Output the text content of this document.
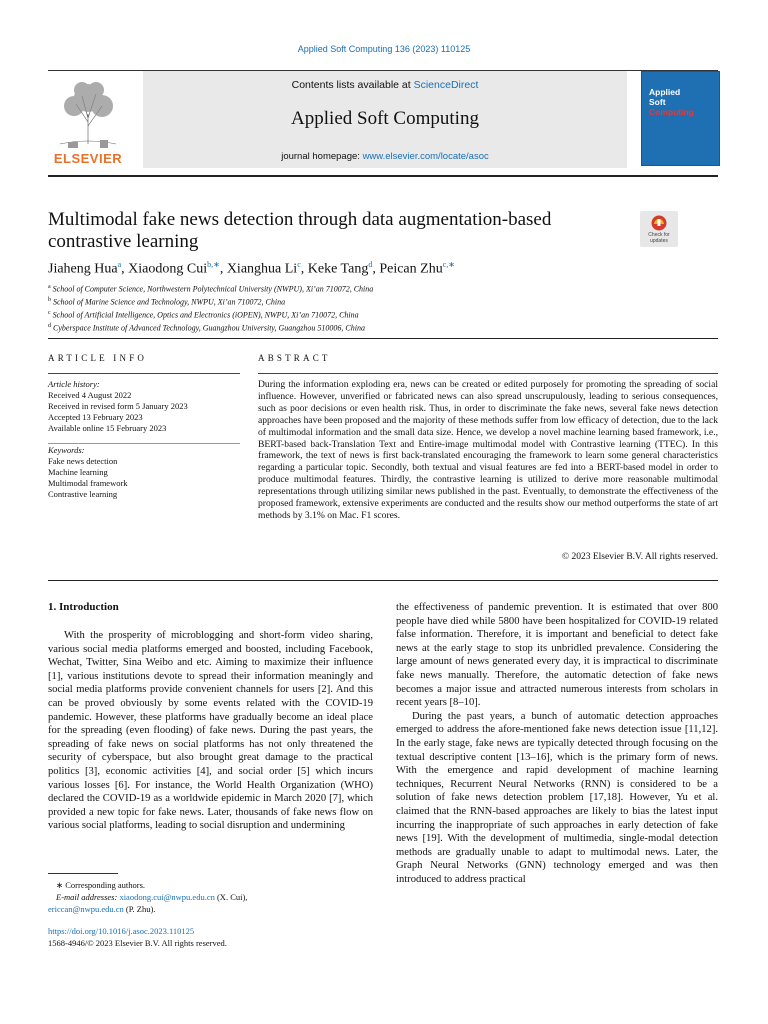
Applied Soft Computing 136 (2023) 110125
ELSEVIER
Contents lists available at ScienceDirect
Applied Soft Computing
journal homepage: www.elsevier.com/locate/asoc
Applied
Soft
Computing
Multimodal fake news detection through data augmentation-based contrastive learning	Check for updates
Jiaheng Hua$^a$, Xiaodong Cui$^{b,∗}$, Xianghua Li$^c$, Keke Tang$^d$, Peican Zhu$^{c,∗}$
$^a$ School of Computer Science, Northwestern Polytechnical University (NWPU), Xi’an 710072, China
$^b$ School of Marine Science and Technology, NWPU, Xi’an 710072, China
$^c$ School of Artificial Intelligence, Optics and Electronics (iOPEN), NWPU, Xi’an 710072, China
$^d$ Cyberspace Institute of Advanced Technology, Guangzhou University, Guangzhou 510006, China
ARTICLE INFO	ABSTRACT
Article history:
Received 4 August 2022
Received in revised form 5 January 2023
Accepted 13 February 2023
Available online 15 February 2023
Keywords:
Fake news detection
Machine learning
Multimodal framework
Contrastive learning
During the information exploding era, news can be created or edited purposely for promoting the spreading of social influence. However, unverified or fabricated news can also spread unscrupulously, leading to serious consequences, such as poor decisions or even health risk. Thus, in order to discriminate the fake news, several fake news detection approaches have been proposed and the majority of these methods suffer from low efficacy of detection, due to the lack of multimodal information and the small data size. Hence, we develop a novel machine learning based framework, i.e., BERT-based back-Translation Text and Entire-image multimodal model with Contrastive learning (TTEC). In this framework, the text of news is first back-translated encouraging the framework to learn some general characteristics regarding a particular topic. Secondly, both textual and visual features are fed into a BERT-based model in order to produce multimodal features. Thirdly, the contrastive learning is utilized to derive more reasonable multimodal representations through utilizing similar news published in the past. Eventually, to demonstrate the effectiveness of the proposed framework, extensive experiments are conducted and the results show our method outperforms the state of art methods by 3.1% on Mac. F1 scores.
© 2023 Elsevier B.V. All rights reserved.
1. Introduction

With the prosperity of microblogging and short-form video sharing, various social media platforms emerged and boosted, including Facebook, Wechat, Twitter, Sina Weibo and etc. Aiming to maximize their influence [1], various institutions devote to spread their information meaningly and social media platforms provide convenient channels for users [2]. And this can be proved obviously by some events related with the COVID-19 pandemic. However, these platforms have gradually become an ideal place for the spreading (even flooding) of fake news. During the past years, the spreading of fake news on social platforms has not only threatened the security of cyberspace, but also brought great damage to the practical politics [3], economic activities [4], and social order [5] which incurs various losses [6]. For instance, the World Health Organization (WHO) declared the COVID-19 as a worldwide epidemic in March 2020 [7], which provided a new topic for fake news. Later, thousands of fake news flow on various social platforms, leading to social disruption and undermining

the effectiveness of pandemic prevention. It is estimated that over 800 people have died while 5800 have been hospitalized for COVID-19 related false information. Therefore, it is important and beneficial to detect fake news at the early stage to stop its unbridled prevalence. Considering the large amount of news generated every day, it is impractical to discriminate fake news manually. Therefore, the automatic detection of fake news becomes a major issue and attracted numerous interests from scholars in recent years [8–10].

During the past years, a bunch of automatic detection approaches emerged to address the afore-mentioned fake news detection issue [11,12]. In the early stage, fake news are typically detected through focusing on the textual descriptive content [13–16], which is the primary form of news. With the emergence and rapid development of machine learning techniques, Recurrent Neural Networks (RNN) is considered to be a solution of fake news detection problem [17,18]. However, Yu et al. claimed that the RNN-based approaches are likely to bias the latest input incurring the inappropriate of such approaches in early detection of fake news [19]. With the development of multimedia, single-modal detection methods are gradually unable to adapt to multimodal news. Later, the Graph Neural Networks (GNN) technology emerged and was then introduced to address practical

∗ Corresponding authors.
E-mail addresses: xiaodong.cui@nwpu.edu.cn (X. Cui),
ericcan@nwpu.edu.cn (P. Zhu).
https://doi.org/10.1016/j.asoc.2023.110125
1568-4946/© 2023 Elsevier B.V. All rights reserved.
